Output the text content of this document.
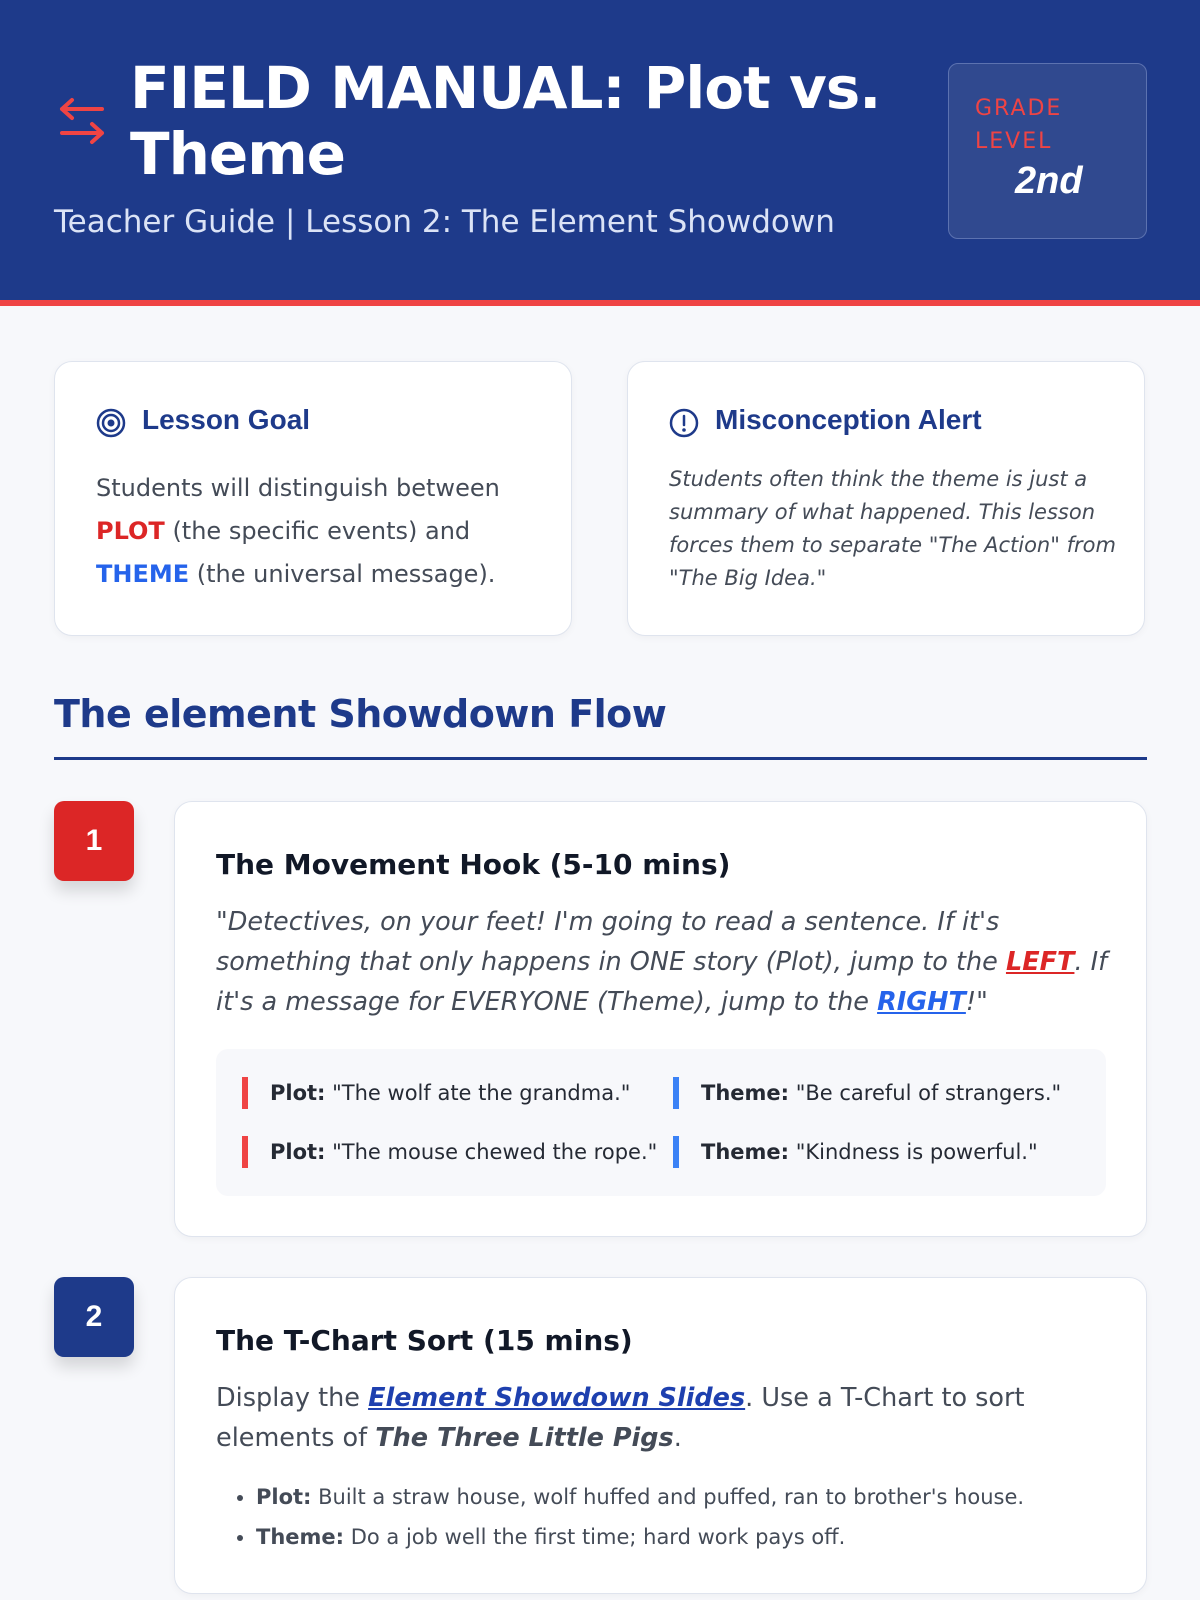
FIELD MANUAL: Plot vs. Theme
Teacher Guide | Lesson 2: The Element Showdown
GRADE LEVEL
2nd
Lesson Goal

Students will distinguish between PLOT (the specific events) and THEME (the universal message).

Misconception Alert

Students often think the theme is just a summary of what happened. This lesson forces them to separate "The Action" from "The Big Idea."

The element Showdown Flow
1
The Movement Hook (5-10 mins)

"Detectives, on your feet! I'm going to read a sentence. If it's something that only happens in ONE story (Plot), jump to the LEFT. If it's a message for EVERYONE (Theme), jump to the RIGHT!"

Plot: "The wolf ate the grandma."	Theme: "Be careful of strangers."
Plot: "The mouse chewed the rope."	Theme: "Kindness is powerful."
2
The T-Chart Sort (15 mins)

Display the Element Showdown Slides. Use a T-Chart to sort elements of The Three Little Pigs.

• Plot: Built a straw house, wolf huffed and puffed, ran to brother's house.
• Theme: Do a job well the first time; hard work pays off.
